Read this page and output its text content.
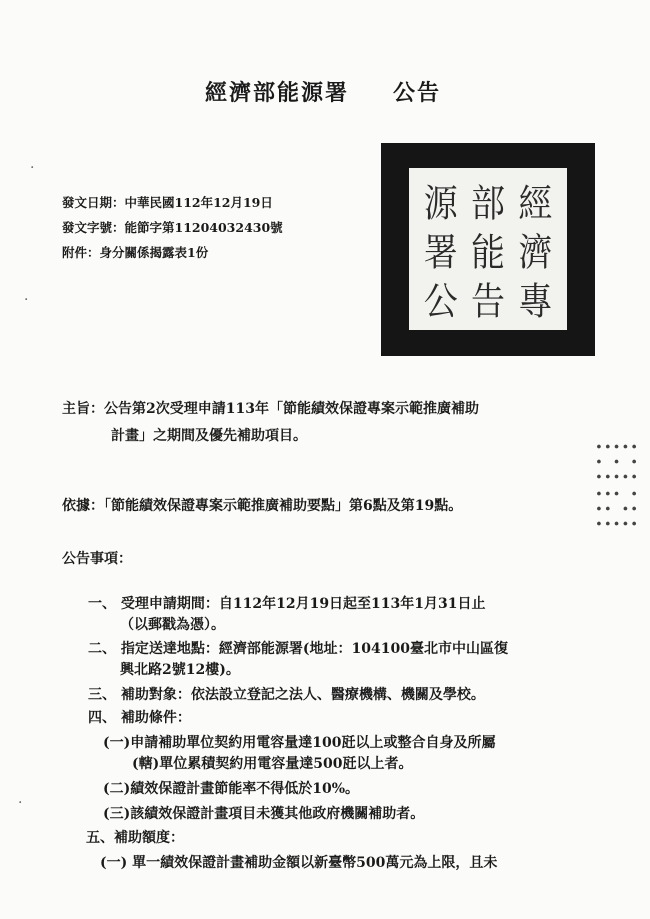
經濟部能源署 公告
發文日期：中華民國112年12月19日
發文字號：能節字第11204032430號
附件：身分關係揭露表1份
經
部
源
濟
能
署
專
告
公
主旨：公告第2次受理申請113年「節能績效保證專案示範推廣補助
計畫」之期間及優先補助項目。
∙∙∙∙∙
∙ ∙ ∙
∙∙∙∙∙
∙∙∙ ∙
∙∙ ∙∙
∙∙∙∙∙
依據：「節能績效保證專案示範推廣補助要點」第6點及第19點。
公告事項：
一、 受理申請期間：自112年12月19日起至113年1月31日止
（以郵戳為憑）。
二、 指定送達地點：經濟部能源署(地址：104100臺北市中山區復
興北路2號12樓)。
三、 補助對象：依法設立登記之法人、醫療機構、機關及學校。
四、 補助條件：
(一)申請補助單位契約用電容量達100瓩以上或整合自身及所屬
(轄)單位累積契約用電容量達500瓩以上者。
(二)績效保證計畫節能率不得低於10%。
(三)該績效保證計畫項目未獲其他政府機關補助者。
五、補助額度：
(一) 單一績效保證計畫補助金額以新臺幣500萬元為上限，且未
·
·
·
